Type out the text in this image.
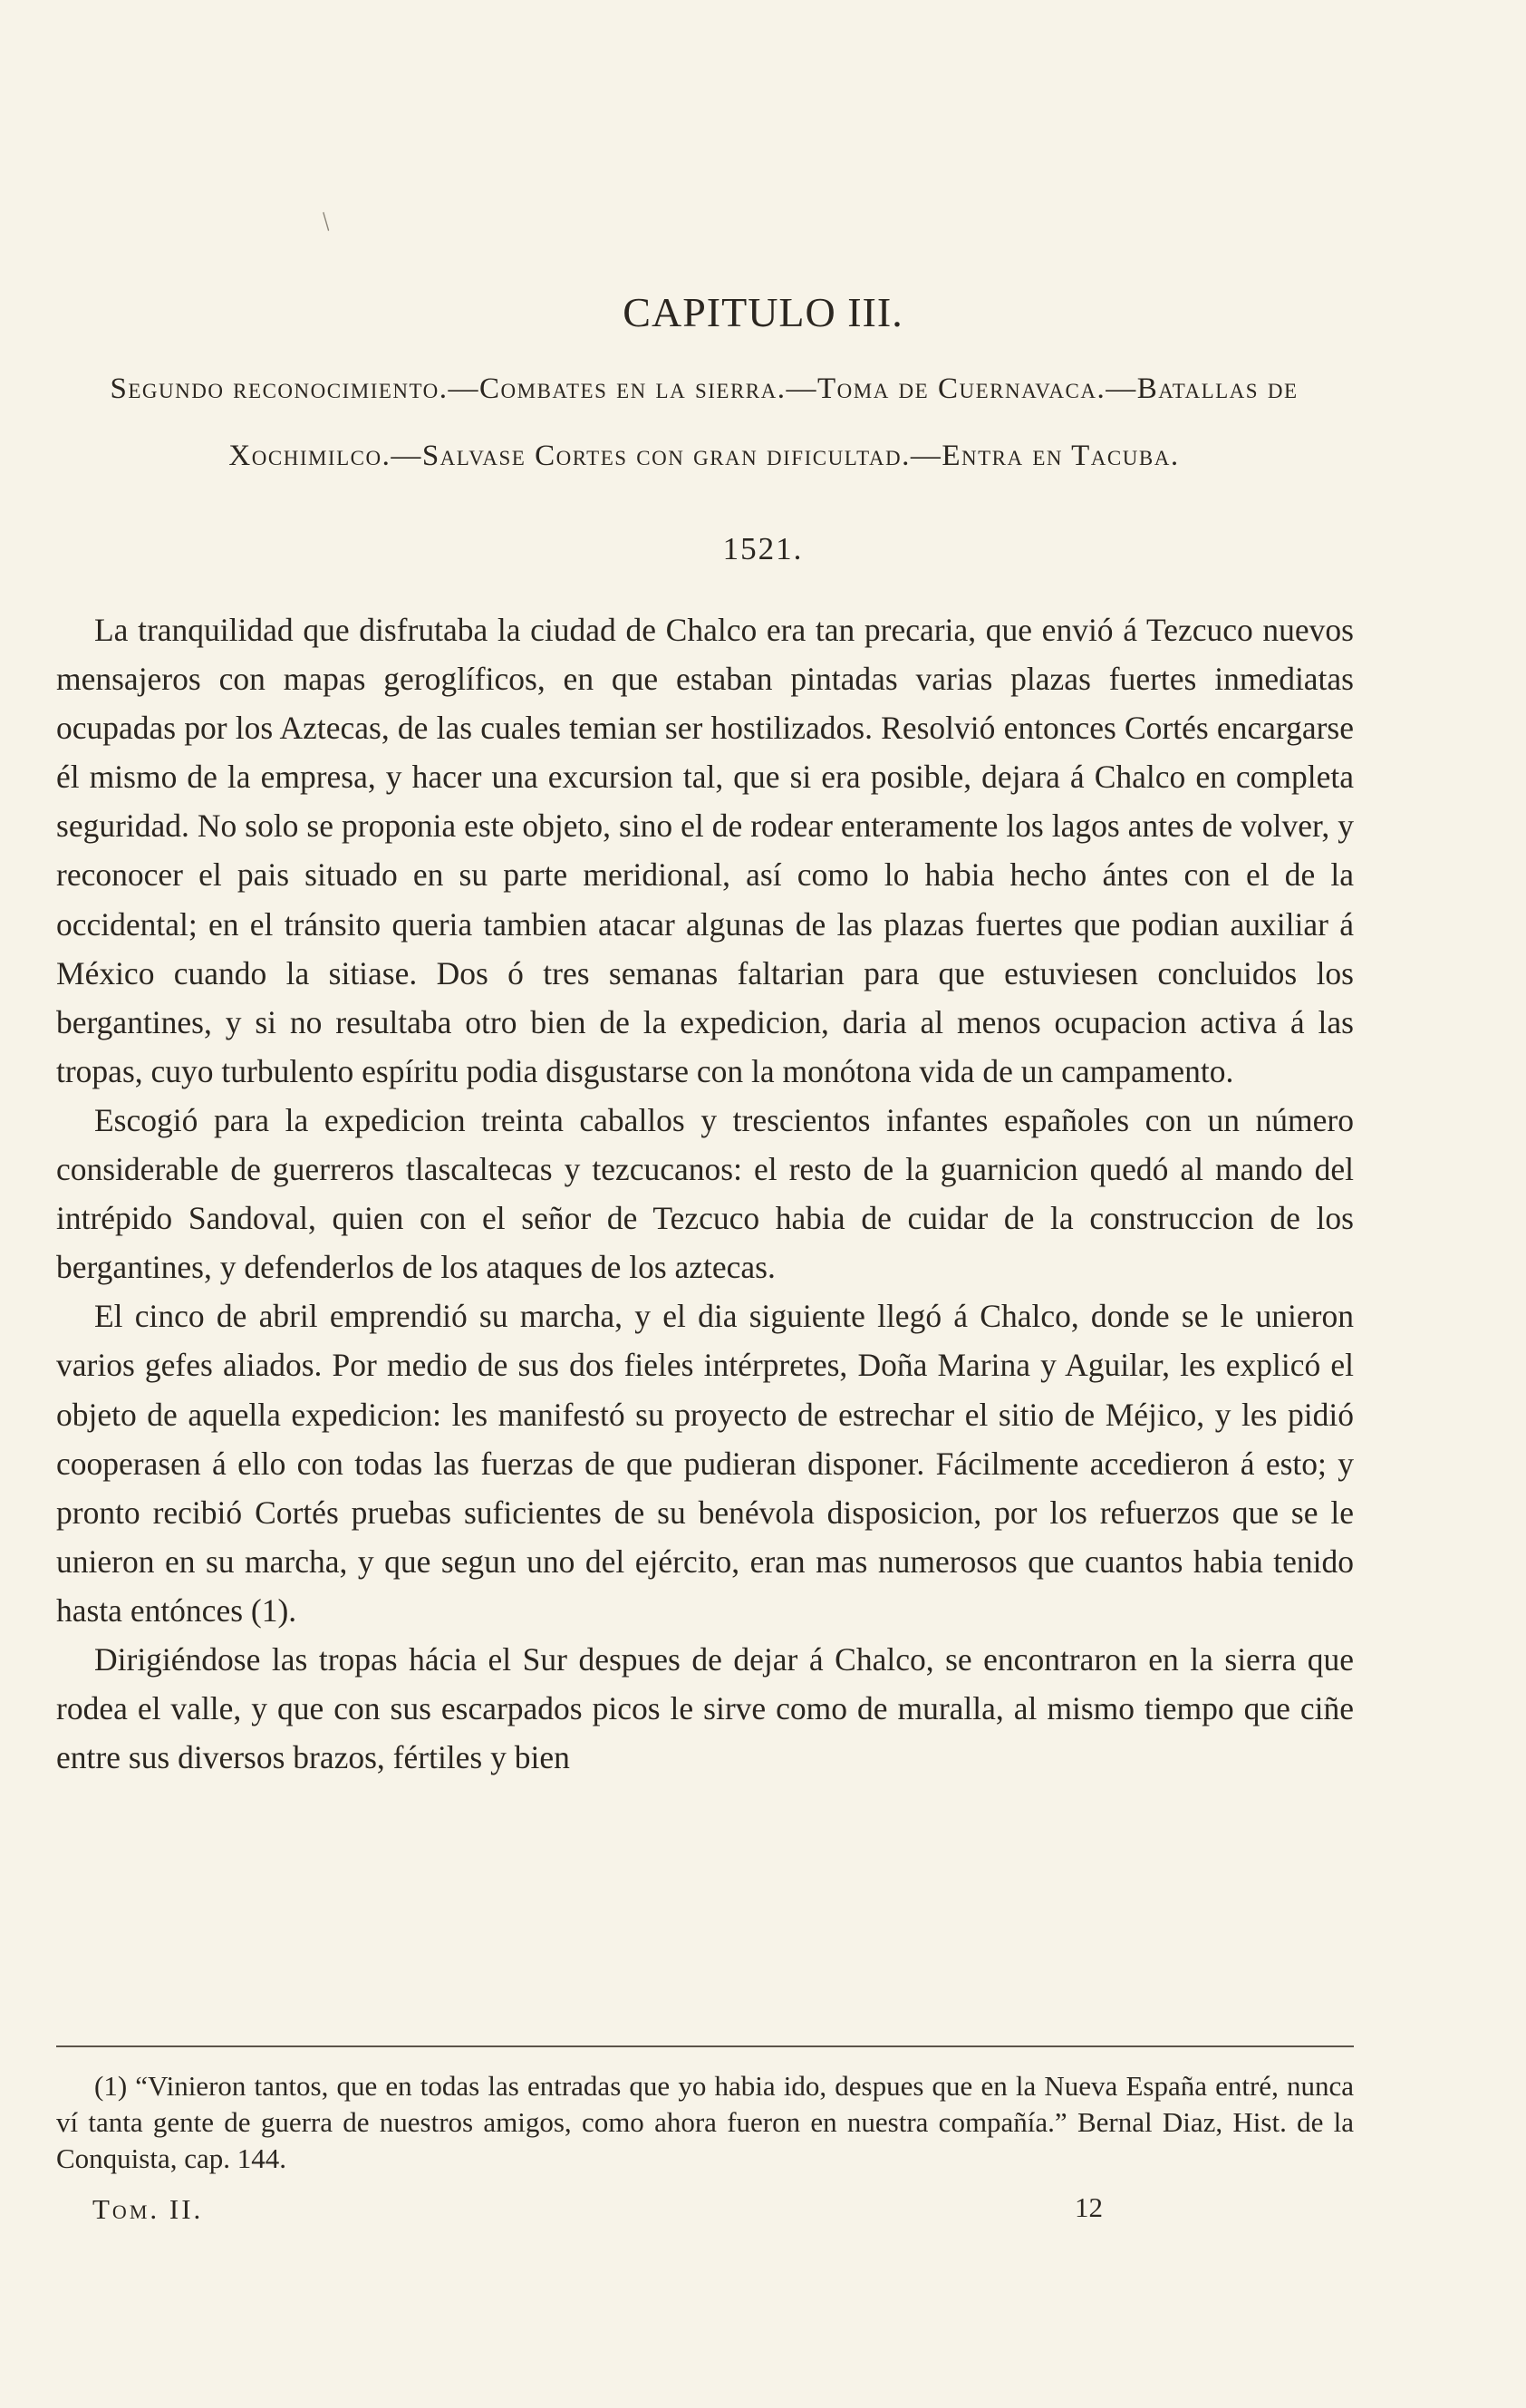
/
CAPITULO III.
Segundo reconocimiento.—Combates en la sierra.—Toma de Cuernavaca.—Batallas de Xochimilco.—Salvase Cortes con gran dificultad.—Entra en Tacuba.
1521.

La tranquilidad que disfrutaba la ciudad de Chalco era tan precaria, que envió á Tezcuco nuevos mensajeros con mapas geroglíficos, en que estaban pintadas varias plazas fuertes inmediatas ocupadas por los Aztecas, de las cuales temian ser hostilizados. Resolvió entonces Cortés encargarse él mismo de la empresa, y hacer una excursion tal, que si era posible, dejara á Chalco en completa seguridad. No solo se proponia este objeto, sino el de rodear enteramente los lagos antes de volver, y reconocer el pais situado en su parte meridional, así como lo habia hecho ántes con el de la occidental; en el tránsito queria tambien atacar algunas de las plazas fuertes que podian auxiliar á México cuando la sitiase. Dos ó tres semanas faltarian para que estuviesen concluidos los bergantines, y si no resultaba otro bien de la expedicion, daria al menos ocupacion activa á las tropas, cuyo turbulento espíritu podia disgustarse con la monótona vida de un campamento.

Escogió para la expedicion treinta caballos y trescientos infantes españoles con un número considerable de guerreros tlascaltecas y tezcucanos: el resto de la guarnicion quedó al mando del intrépido Sandoval, quien con el señor de Tezcuco habia de cuidar de la construccion de los bergantines, y defenderlos de los ataques de los aztecas.

El cinco de abril emprendió su marcha, y el dia siguiente llegó á Chalco, donde se le unieron varios gefes aliados. Por medio de sus dos fieles intérpretes, Doña Marina y Aguilar, les explicó el objeto de aquella expedicion: les manifestó su proyecto de estrechar el sitio de Méjico, y les pidió cooperasen á ello con todas las fuerzas de que pudieran disponer. Fácilmente accedieron á esto; y pronto recibió Cortés pruebas suficientes de su benévola disposicion, por los refuerzos que se le unieron en su marcha, y que segun uno del ejército, eran mas numerosos que cuantos habia tenido hasta entónces (1).

Dirigiéndose las tropas hácia el Sur despues de dejar á Chalco, se encontraron en la sierra que rodea el valle, y que con sus escarpados picos le sirve como de muralla, al mismo tiempo que ciñe entre sus diversos brazos, fértiles y bien

(1) “Vinieron tantos, que en todas las entradas que yo habia ido, despues que en la Nueva España entré, nunca ví tanta gente de guerra de nuestros amigos, como ahora fueron en nuestra compañía.” Bernal Diaz, Hist. de la Conquista, cap. 144.

Tom. II.	12
